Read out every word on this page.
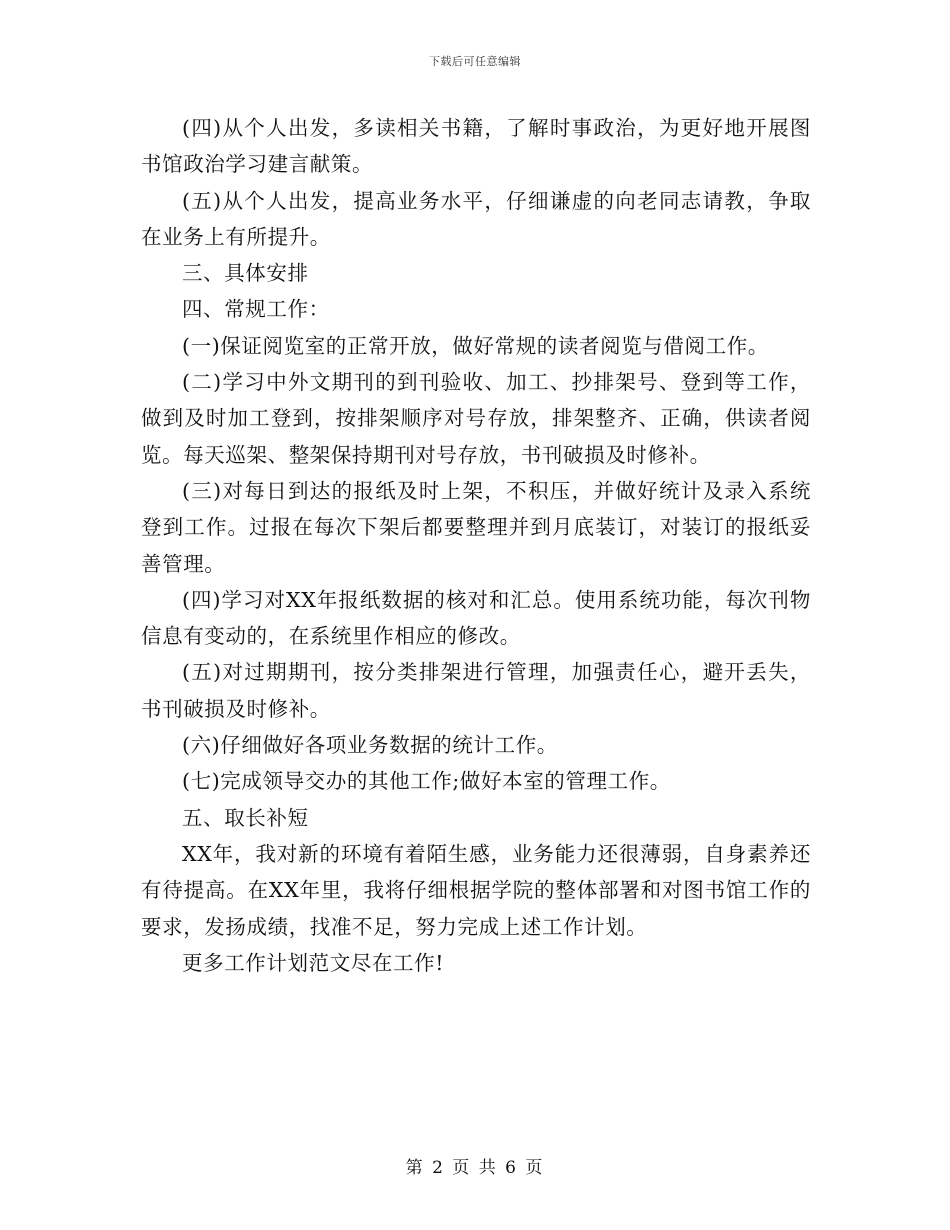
下载后可任意编辑

(四)从个人出发，多读相关书籍，了解时事政治，为更好地开展图书馆政治学习建言献策。

(五)从个人出发，提高业务水平，仔细谦虚的向老同志请教，争取在业务上有所提升。

三、具体安排

四、常规工作：

(一)保证阅览室的正常开放，做好常规的读者阅览与借阅工作。

(二)学习中外文期刊的到刊验收、加工、抄排架号、登到等工作，做到及时加工登到，按排架顺序对号存放，排架整齐、正确，供读者阅览。每天巡架、整架保持期刊对号存放，书刊破损及时修补。

(三)对每日到达的报纸及时上架，不积压，并做好统计及录入系统登到工作。过报在每次下架后都要整理并到月底装订，对装订的报纸妥善管理。

(四)学习对XX年报纸数据的核对和汇总。使用系统功能，每次刊物信息有变动的，在系统里作相应的修改。

(五)对过期期刊，按分类排架进行管理，加强责任心，避开丢失，书刊破损及时修补。

(六)仔细做好各项业务数据的统计工作。

(七)完成领导交办的其他工作;做好本室的管理工作。

五、取长补短

XX年，我对新的环境有着陌生感，业务能力还很薄弱，自身素养还有待提高。在XX年里，我将仔细根据学院的整体部署和对图书馆工作的要求，发扬成绩，找准不足，努力完成上述工作计划。

更多工作计划范文尽在工作!

第 2 页 共 6 页
